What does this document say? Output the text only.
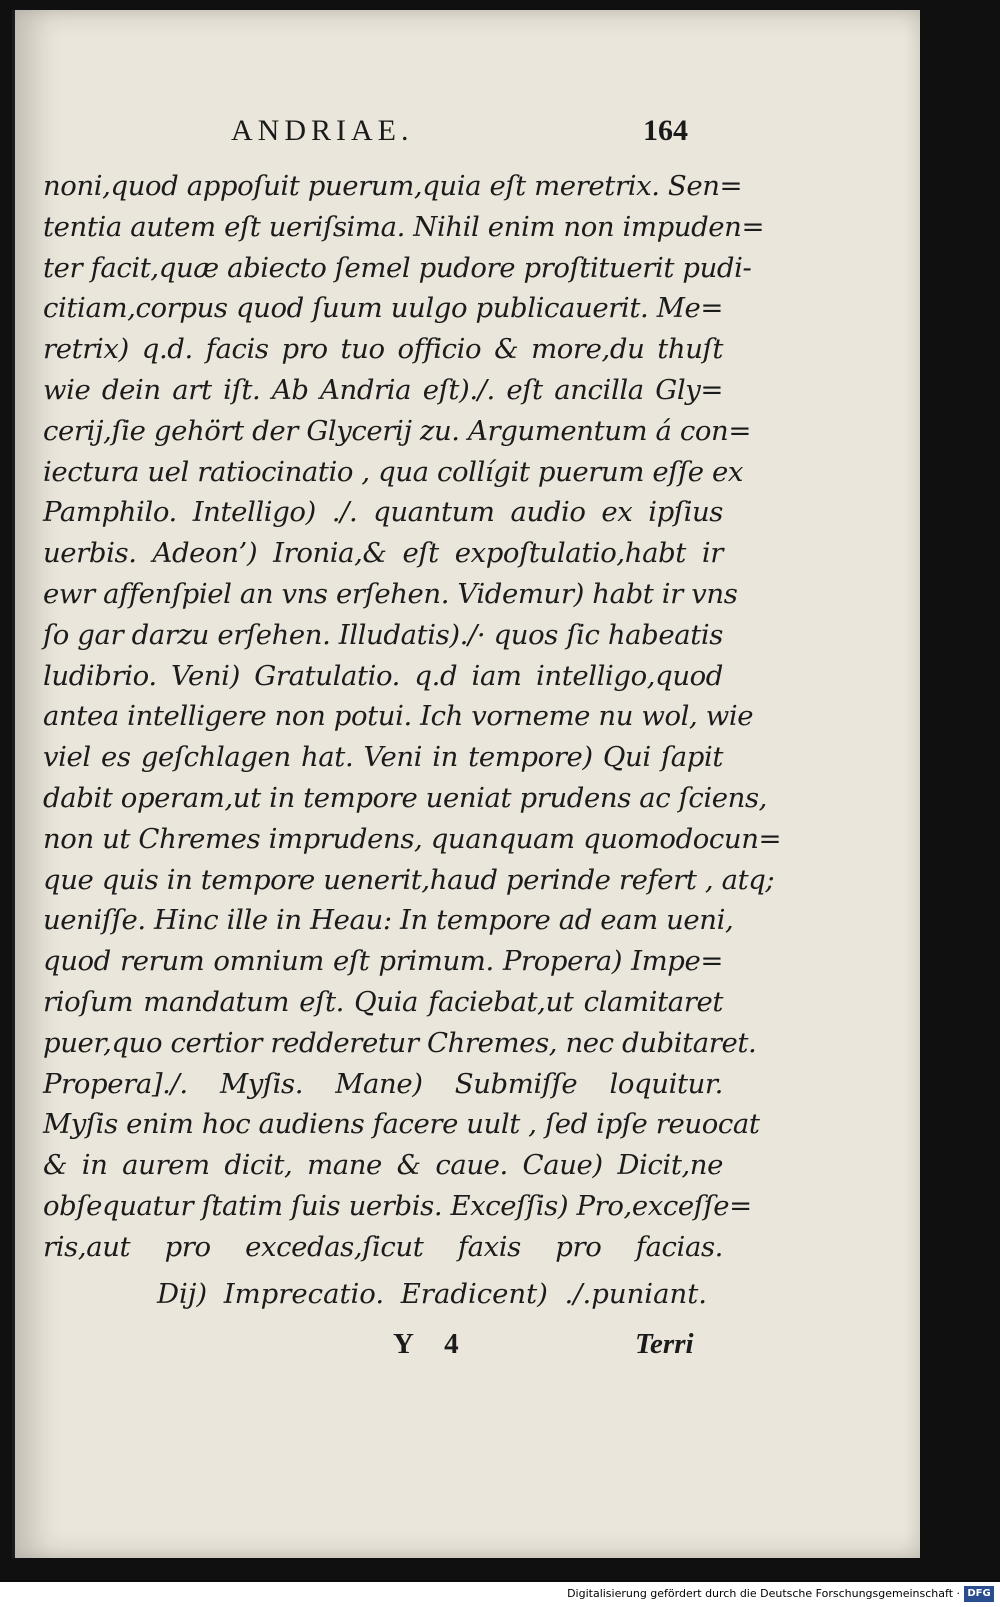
ANDRIAE.	164
noni,quod appoſuit puerum,quia eſt meretrix. Sen=
tentia autem eſt ueriſsima. Nihil enim non impuden=
ter facit,quæ abiecto ſemel pudore proſtituerit pudi-
citiam,corpus quod ſuum uulgo publicauerit. Me=
retrix) q.d. facis pro tuo officio & more,du thuſt
wie dein art iſt. Ab Andria eſt)./. eſt ancilla Gly=
cerij,ſie gehört der Glycerij zu. Argumentum á con=
iectura uel ratiocinatio , qua collígit puerum eſſe ex
Pamphilo. Intelligo) ./. quantum audio ex ipſius
uerbis. Adeon’) Ironia,& eſt expoſtulatio,habt ir
ewr affenſpiel an vns erſehen. Videmur) habt ir vns
ſo gar darzu erſehen. Illudatis)./· quos ſic habeatis
ludibrio. Veni) Gratulatio. q.d iam intelligo,quod
antea intelligere non potui. Ich vorneme nu wol, wie
viel es geſchlagen hat. Veni in tempore) Qui ſapit
dabit operam,ut in tempore ueniat prudens ac ſciens,
non ut Chremes imprudens, quanquam quomodocun=
que quis in tempore uenerit,haud perinde refert , atq;
ueniſſe. Hinc ille in Heau: In tempore ad eam ueni,
quod rerum omnium eſt primum. Propera) Impe=
rioſum mandatum eſt. Quia faciebat,ut clamitaret
puer,quo certior redderetur Chremes, nec dubitaret.
Propera]./. Myſis. Mane) Submiſſe loquitur.
Myſis enim hoc audiens facere uult , ſed ipſe reuocat
& in aurem dicit, mane & caue. Caue) Dicit,ne
obſequatur ſtatim ſuis uerbis. Exceſſis) Pro,exceſſe=
ris,aut pro excedas,ſicut faxis pro facias.
Dij) Imprecatio. Eradicent) ./.puniant.
Y 4	Terri
Digitalisierung gefördert durch die Deutsche Forschungsgemeinschaft · DFG
